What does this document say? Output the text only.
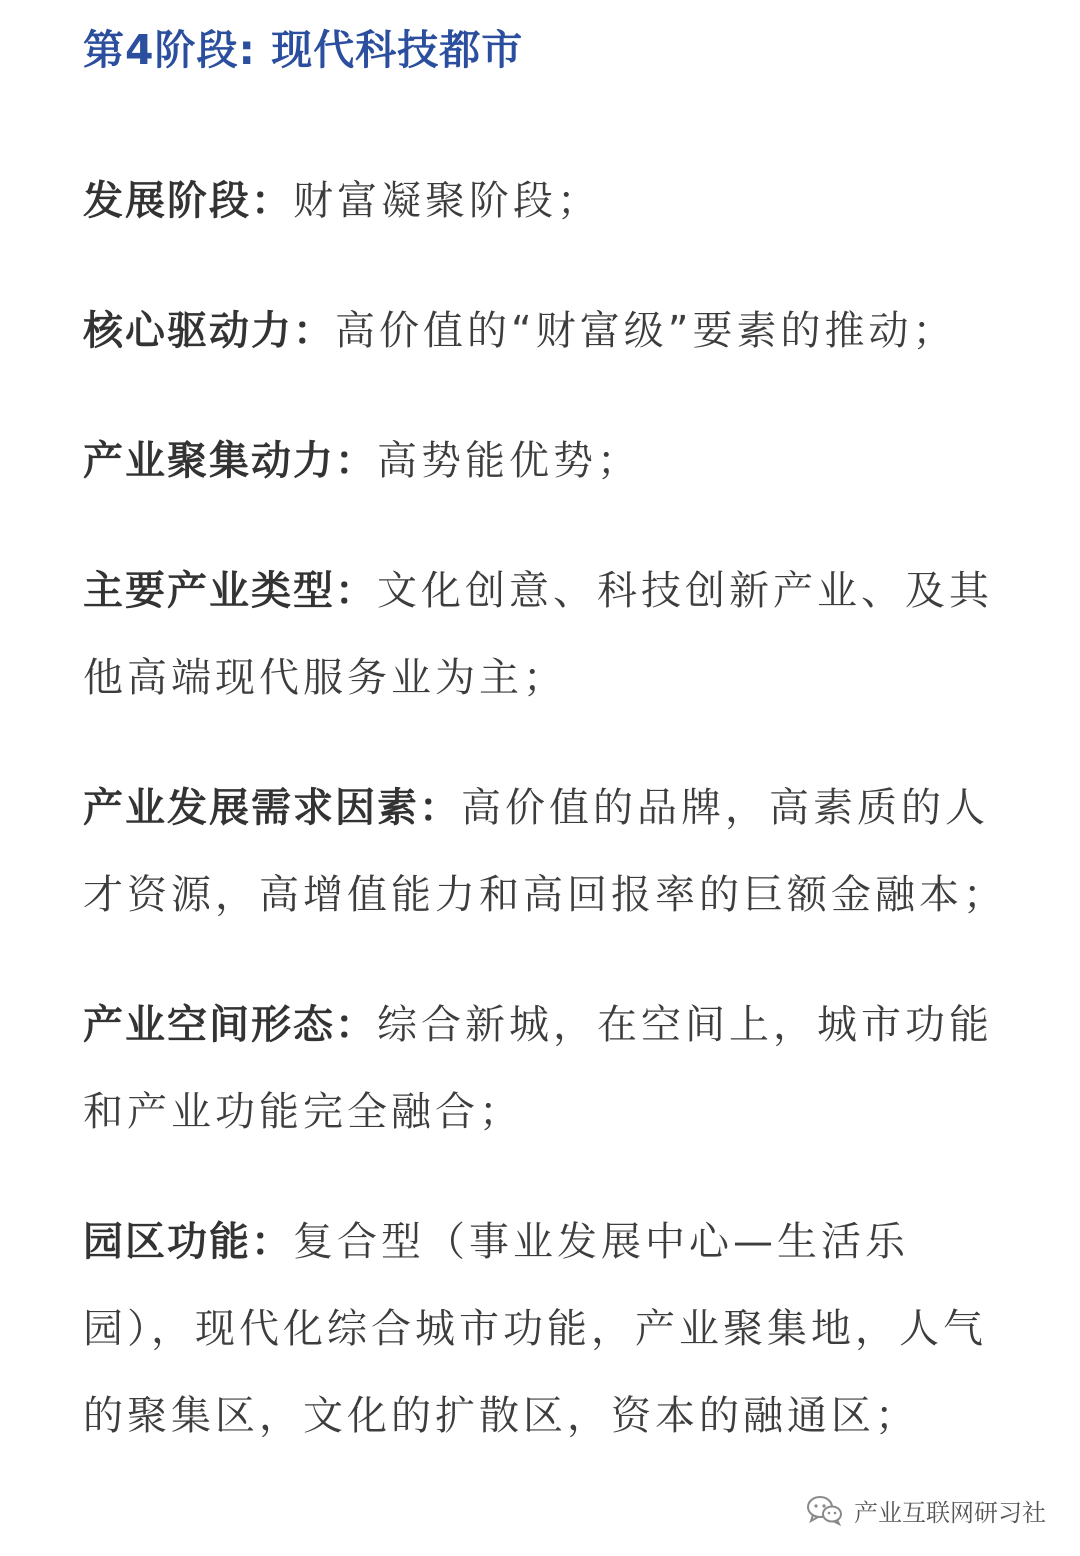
第4阶段: 现代科技都市

发展阶段：财富凝聚阶段；

核心驱动力：高价值的“财富级”要素的推动；

产业聚集动力：高势能优势；

主要产业类型：文化创意、科技创新产业、及其他高端现代服务业为主；

产业发展需求因素：高价值的品牌，高素质的人才资源，高增值能力和高回报率的巨额金融本；

产业空间形态：综合新城，在空间上，城市功能和产业功能完全融合；

园区功能：复合型（事业发展中心—生活乐园），现代化综合城市功能，产业聚集地，人气的聚集区，文化的扩散区，资本的融通区；

产业互联网研习社
